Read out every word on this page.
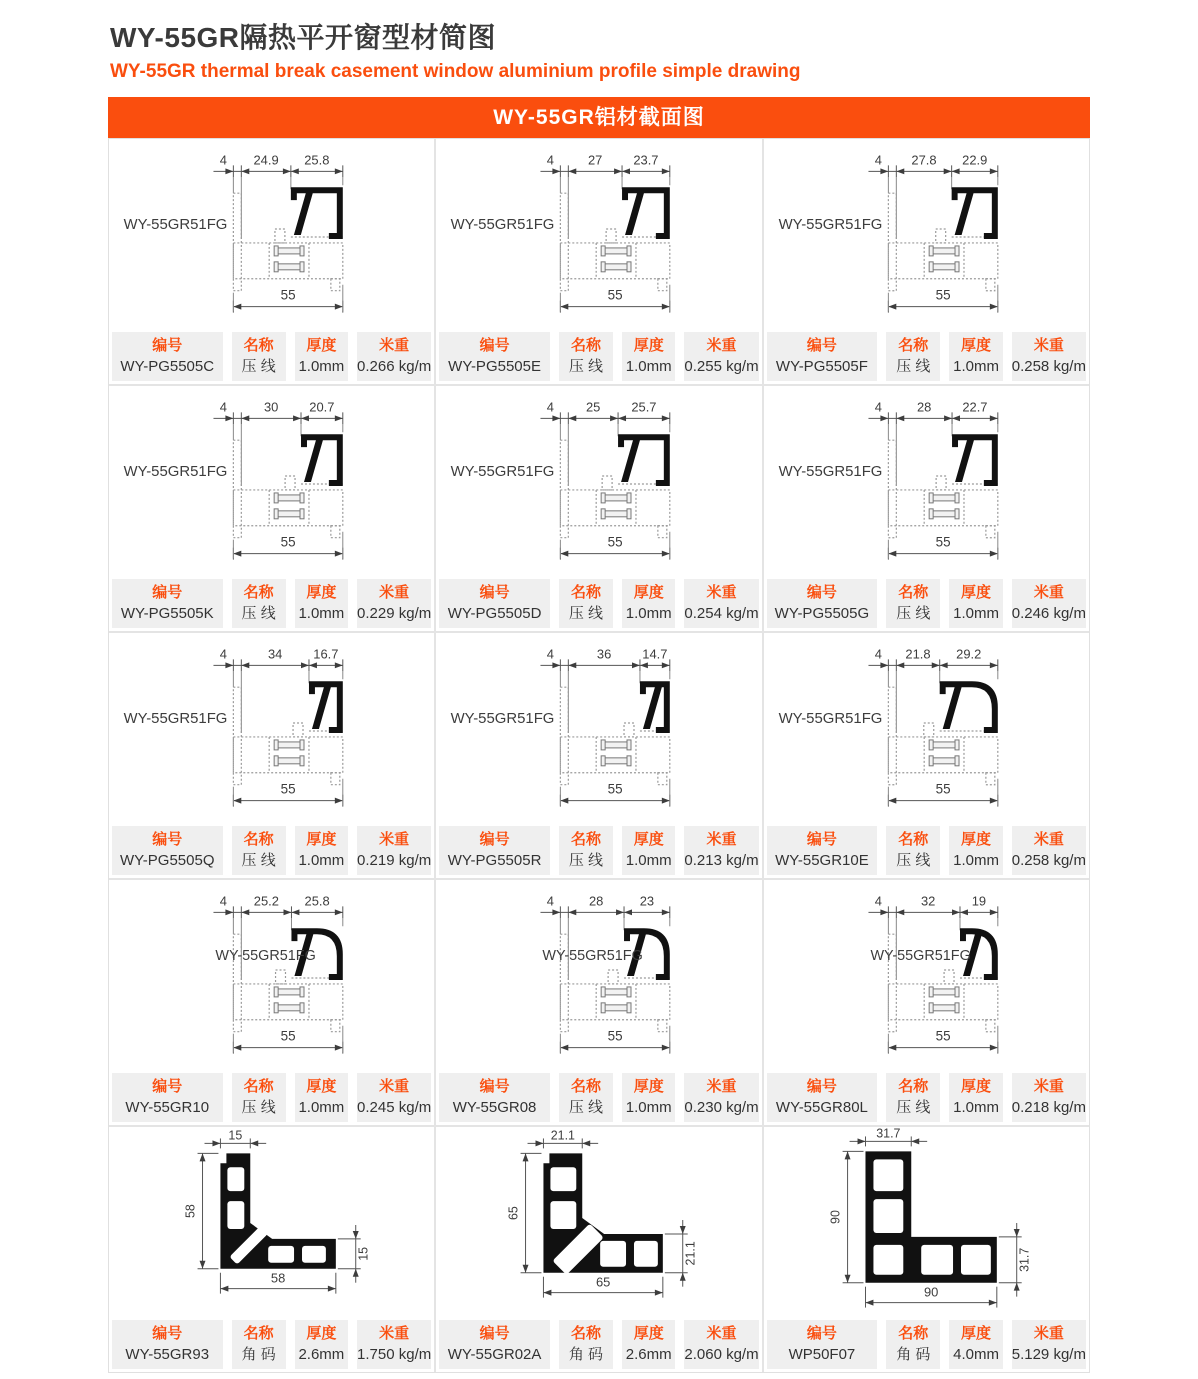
WY-55GR隔热平开窗型材简图
WY-55GR thermal break casement window aluminium profile simple drawing
WY-55GR铝材截面图
4 24.9 25.8
WY-55GR51FG
55
编号
WY-PG5505C
名称
压 线
厚度
1.0mm
米重
0.266 kg/m
4	27 23.7
WY-55GR51FG
55
编号
WY-PG5505E
名称
压 线
厚度
1.0mm
米重
0.255 kg/m
4 27.8 22.9
WY-55GR51FG
55
编号
WY-PG5505F
名称
压 线
厚度
1.0mm
米重
0.258 kg/m
4	30 20.7
WY-55GR51FG
55
编号
WY-PG5505K
名称
压 线
厚度
1.0mm
米重
0.229 kg/m
4 25 25.7
WY-55GR51FG
55
编号
WY-PG5505D
名称
压 线
厚度
1.0mm
米重
0.254 kg/m
4	28 22.7
WY-55GR51FG
55
编号
WY-PG5505G
名称
压 线
厚度
1.0mm
米重
0.246 kg/m
4	34 16.7
WY-55GR51FG
55
编号
WY-PG5505Q
名称
压 线
厚度
1.0mm
米重
0.219 kg/m
4	36 14.7
WY-55GR51FG
55
编号
WY-PG5505R
名称
压 线
厚度
1.0mm
米重
0.213 kg/m
4 21.8 29.2
WY-55GR51FG
55
编号
WY-55GR10E
名称
压 线
厚度
1.0mm
米重
0.258 kg/m
4 25.2 25.8
WY-55GR51FG
55
编号
WY-55GR10
名称
压 线
厚度
1.0mm
米重
0.245 kg/m
4	28	23
WY-55GR51FG
55
编号
WY-55GR08
名称
压 线
厚度
1.0mm
米重
0.230 kg/m
4	32	19
WY-55GR51FG
55
编号
WY-55GR80L
名称
压 线
厚度
1.0mm
米重
0.218 kg/m
15
58
15
58
编号
WY-55GR93
名称
角 码
厚度
2.6mm
米重
1.750 kg/m
21.1
65
21.1
65
编号
WY-55GR02A
名称
角 码
厚度
2.6mm
米重
2.060 kg/m
31.7
90
31.7
90
编号
WP50F07
名称
角 码
厚度
4.0mm
米重
5.129 kg/m
